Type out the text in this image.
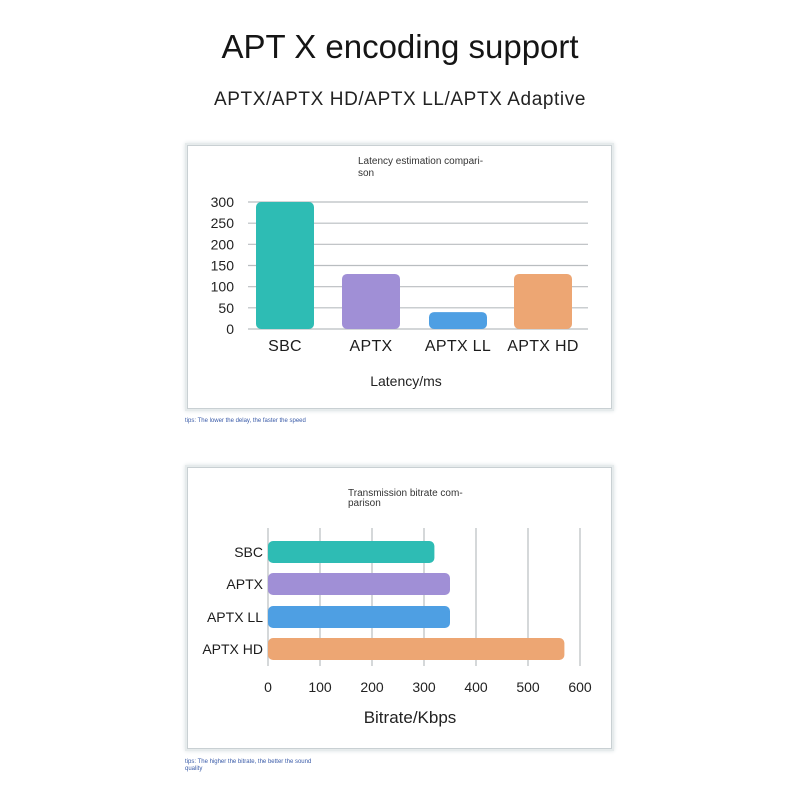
APT X encoding support
APTX/APTX HD/APTX LL/APTX Adaptive
Latency estimation compari-
son
0
50
100
150
200
250
300
SBC	APTX APTX LL APTX HD
Latency/ms
tips: The lower the delay, the faster the speed
Transmission bitrate com-
parison
0	100 200 300 400 500 600
SBC
APTX
APTX LL
APTX HD
Bitrate/Kbps
tips: The higher the bitrate, the better the sound
quality
